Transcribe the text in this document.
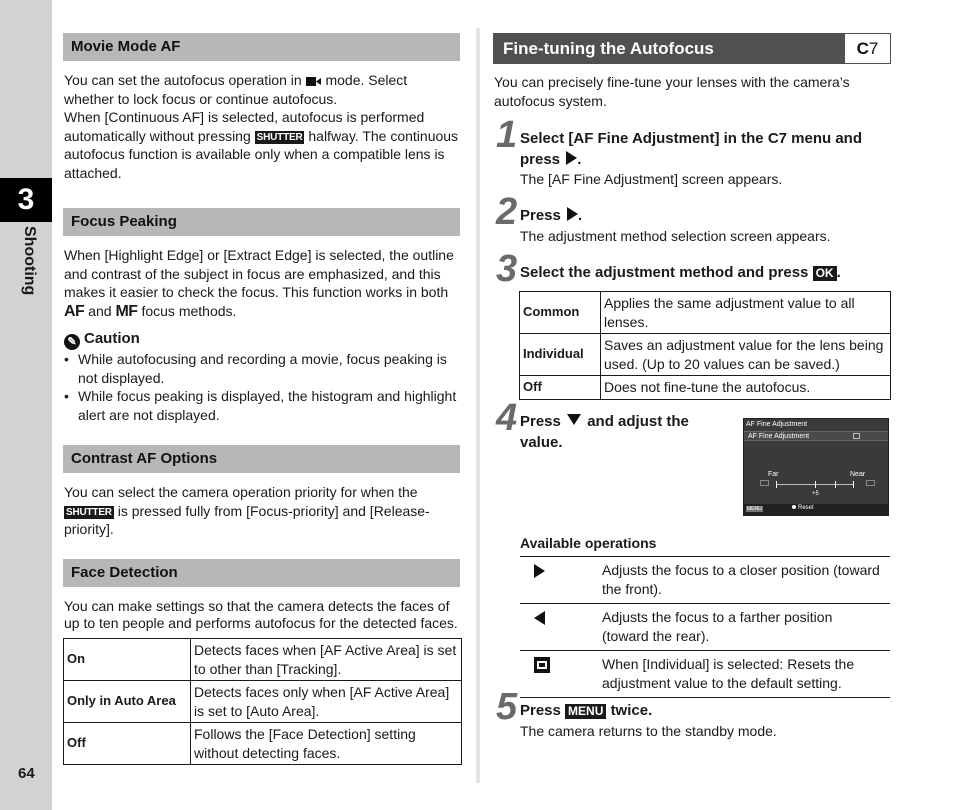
3
Shooting
64
Movie Mode AF
You can set the autofocus operation in mode. Select
whether to lock focus or continue autofocus.
When [Continuous AF] is selected, autofocus is performed
automatically without pressing SHUTTER halfway. The continuous
autofocus function is available only when a compatible lens is
attached.
Focus Peaking
When [Highlight Edge] or [Extract Edge] is selected, the outline
and contrast of the subject in focus are emphasized, and this
makes it easier to check the focus. This function works in both
AF and MF focus methods.
✎ Caution
• While autofocusing and recording a movie, focus peaking is
not displayed.
• While focus peaking is displayed, the histogram and highlight
alert are not displayed.
Contrast AF Options
You can select the camera operation priority for when the
SHUTTER is pressed fully from [Focus-priority] and [Release-
priority].
Face Detection
You can make settings so that the camera detects the faces of
up to ten people and performs autofocus for the detected faces.
On	Detects faces when [AF Active Area] is set
to other than [Tracking].

Only in Auto Area	Detects faces only when [AF Active Area]
is set to [Auto Area].

Off	Follows the [Face Detection] setting
without detecting faces.
Fine-tuning the Autofocus	C7
You can precisely fine-tune your lenses with the camera’s
autofocus system.
1 Select [AF Fine Adjustment] in the C7 menu and
press .
The [AF Fine Adjustment] screen appears.
2 Press .
The adjustment method selection screen appears.
3 Select the adjustment method and press OK .
Common	Applies the same adjustment value to all
lenses.

Individual	Saves an adjustment value for the lens being
used. (Up to 20 values can be saved.)

Off	Does not fine-tune the autofocus.
4 Press and adjust the
value.
AF Fine Adjustment
AF Fine Adjustment
Far	Near
+5
MENU	Reset
Available operations

Adjusts the focus to a closer position (toward
the front).

Adjusts the focus to a farther position
(toward the rear).

When [Individual] is selected: Resets the
adjustment value to the default setting.
5 Press MENU twice.
The camera returns to the standby mode.
